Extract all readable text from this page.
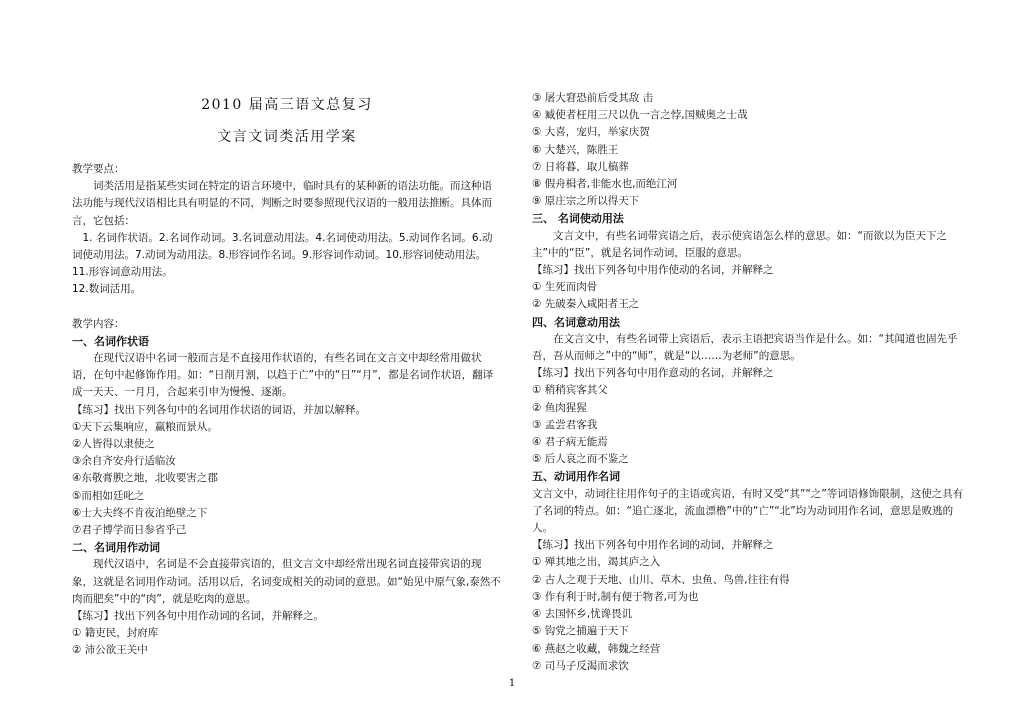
2010 届高三语文总复习
文言文词类活用学案

教学要点：

词类活用是指某些实词在特定的语言环境中，临时具有的某种新的语法功能。而这种语法功能与现代汉语相比具有明显的不同，判断之时要参照现代汉语的一般用法推断。具体而言，它包括：

1. 名词作状语。2.名词作动词。3.名词意动用法。4.名词使动用法。5.动词作名词。6.动词使动用法。7.动词为动用法。8.形容词作名词。9.形容词作动词。10.形容词使动用法。11.形容词意动用法。

12.数词活用。

教学内容：

一、名词作状语

在现代汉语中名词一般而言是不直接用作状语的，有些名词在文言文中却经常用做状语，在句中起修饰作用。如：“日削月割，以趋于亡”中的“日”“月”，都是名词作状语，翻译成一天天、一月月，合起来引申为慢慢、逐渐。

【练习】找出下列各句中的名词用作状语的词语，并加以解释。

①天下云集响应，赢粮而景从。
②人皆得以隶使之
③余自齐安舟行适临汝
④东敬膏腴之地，北收要害之郡
⑤而相如廷叱之
⑥士大夫终不肯夜泊绝壁之下
⑦君子博学而日参省乎己

二、名词用作动词

现代汉语中，名词是不会直接带宾语的，但文言文中却经常出现名词直接带宾语的现象，这就是名词用作动词。活用以后，名词变成相关的动词的意思。如“始见中原气象,泰然不肉而肥矣”中的“肉”，就是吃肉的意思。

【练习】找出下列各句中用作动词的名词，并解释之。

① 籍吏民，封府库
② 沛公欲王关中
③ 屠大窘恐前后受其敌 击
④ 臧使者枉用三尺以仇一言之悖,国贼奥之士哉
⑤ 大喜，宠归，举家庆贺
⑥ 大楚兴，陈胜王
⑦ 日将暮，取儿槁葬
⑧ 假舟楫者,非能水也,而绝江河
⑨ 原庄宗之所以得天下

三、 名词使动用法

文言文中，有些名词带宾语之后，表示使宾语怎么样的意思。如：“而欲以为臣天下之主”中的“臣”，就是名词作动词，臣服的意思。

【练习】找出下列各句中用作使动的名词，并解释之

① 生死而肉骨
② 先破秦入咸阳者王之

四、名词意动用法

在文言文中，有些名词带上宾语后，表示主语把宾语当作是什么。如：“其闻道也固先乎吾，吾从而师之”中的“师”，就是“以……为老师”的意思。

【练习】找出下列各句中用作意动的名词，并解释之

① 稍稍宾客其父
② 鱼肉猩猩
③ 孟尝君客我
④ 君子病无能焉
⑤ 后人哀之而不鉴之

五、动词用作名词

文言文中，动词往往用作句子的主语或宾语，有时又受“其”“之”等词语修饰限制，这使之具有了名词的特点。如：“追亡逐北，流血漂橹”中的“亡”“北”均为动词用作名词，意思是败逃的人。

【练习】找出下列各句中用作名词的动词，并解释之

① 殚其地之出，竭其庐之入
② 古人之观于天地、山川、草木、虫鱼、鸟兽,往往有得
③ 作有利于时,制有便于物者,可为也
④ 去国怀乡,忧谗畏讥
⑤ 钩党之捕遍于天下
⑥ 燕赵之收藏，韩魏之经营
⑦ 司马子反渴而求饮
1
